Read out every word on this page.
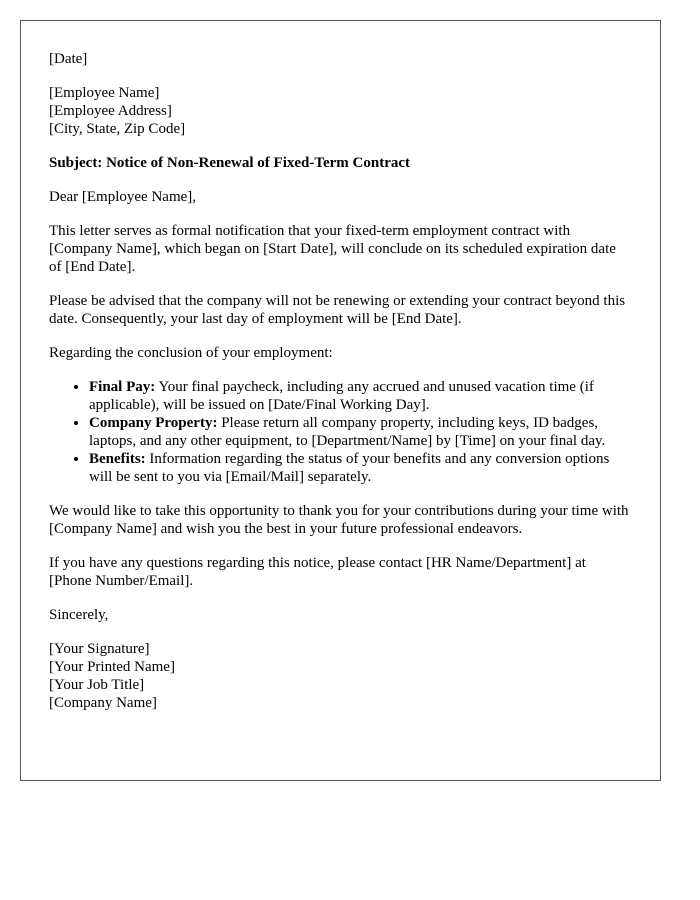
[Date]

[Employee Name]
[Employee Address]
[City, State, Zip Code]

Subject: Notice of Non-Renewal of Fixed-Term Contract

Dear [Employee Name],

This letter serves as formal notification that your fixed-term employment contract with [Company Name], which began on [Start Date], will conclude on its scheduled expiration date of [End Date].

Please be advised that the company will not be renewing or extending your contract beyond this date. Consequently, your last day of employment will be [End Date].

Regarding the conclusion of your employment:

• Final Pay: Your final paycheck, including any accrued and unused vacation time (if applicable), will be issued on [Date/Final Working Day].
• Company Property: Please return all company property, including keys, ID badges, laptops, and any other equipment, to [Department/Name] by [Time] on your final day.
• Benefits: Information regarding the status of your benefits and any conversion options will be sent to you via [Email/Mail] separately.

We would like to take this opportunity to thank you for your contributions during your time with [Company Name] and wish you the best in your future professional endeavors.

If you have any questions regarding this notice, please contact [HR Name/Department] at [Phone Number/Email].

Sincerely,

[Your Signature]
[Your Printed Name]
[Your Job Title]
[Company Name]
